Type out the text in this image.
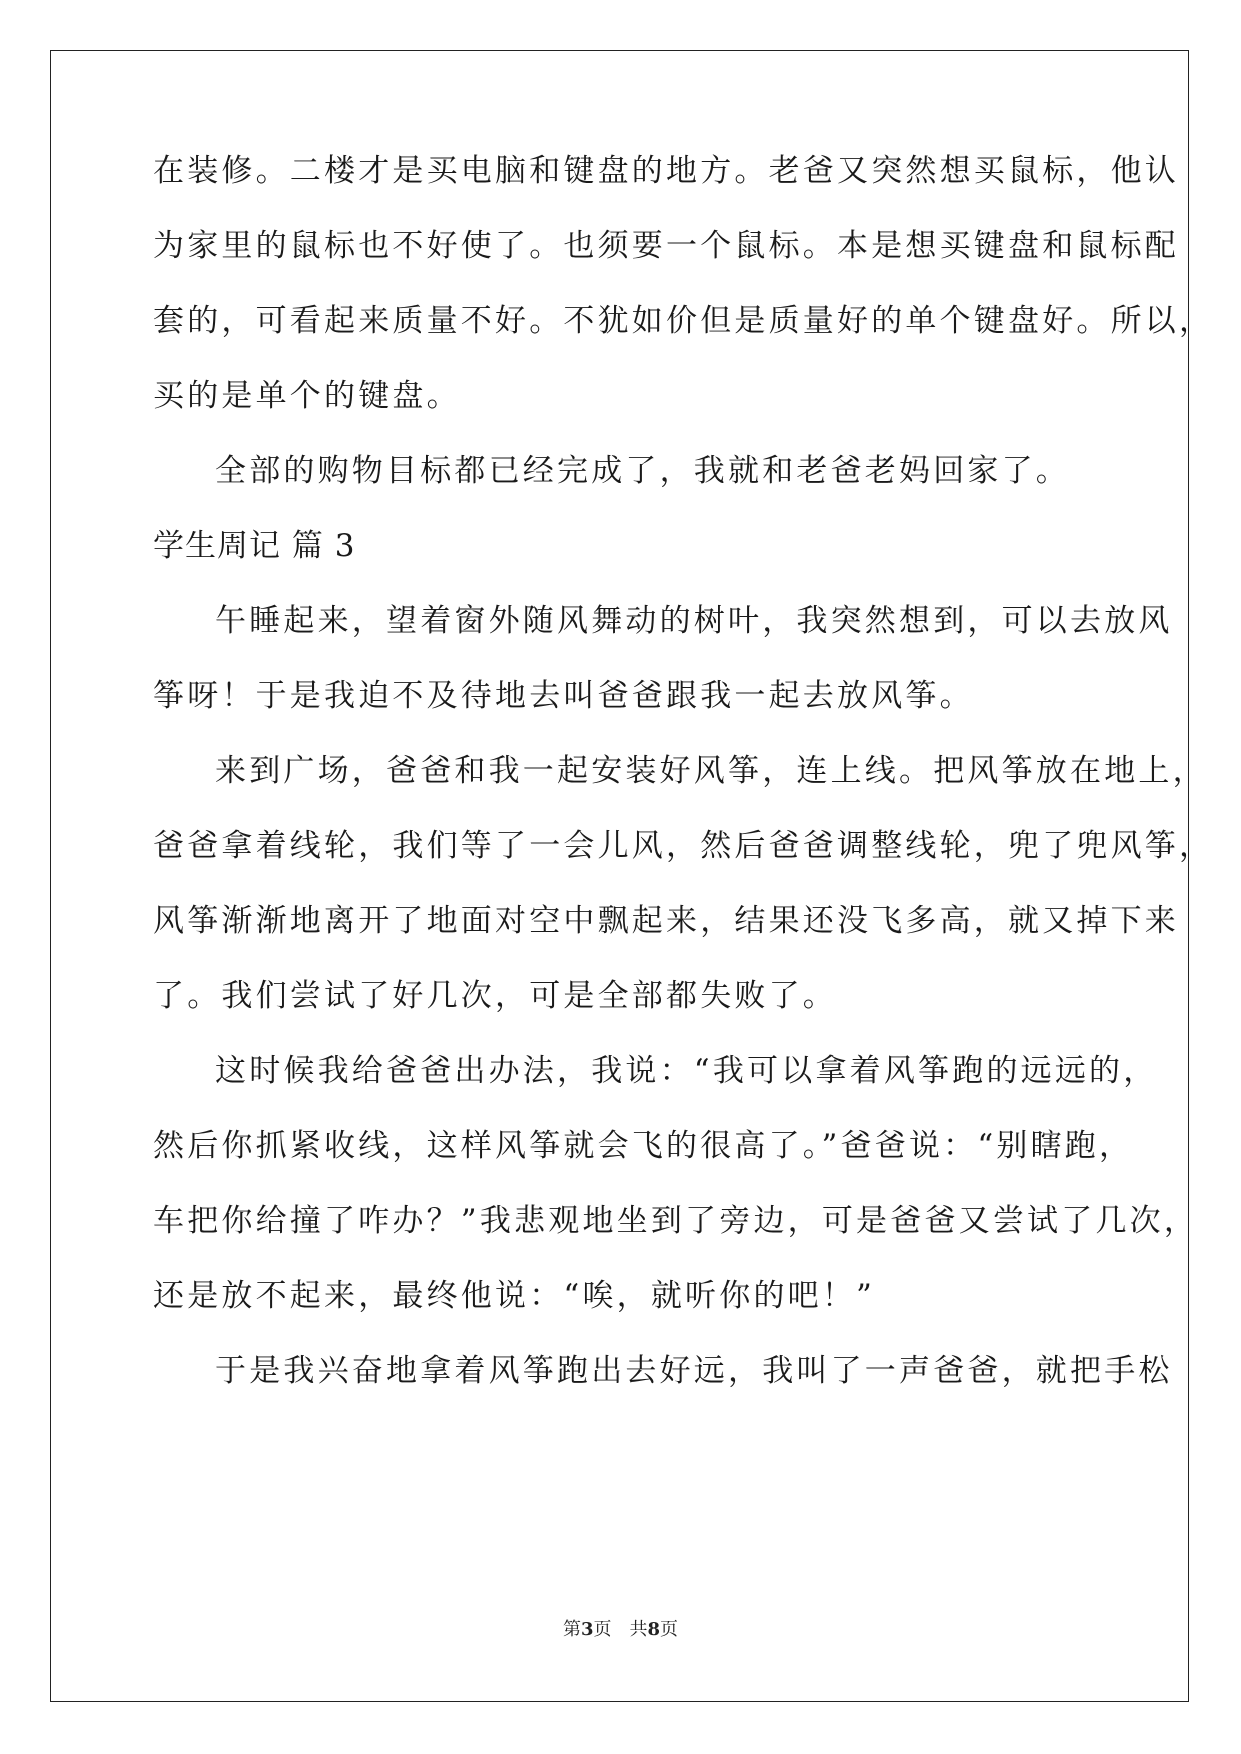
在装修。二楼才是买电脑和键盘的地方。老爸又突然想买鼠标，他认
为家里的鼠标也不好使了。也须要一个鼠标。本是想买键盘和鼠标配
套的，可看起来质量不好。不犹如价但是质量好的单个键盘好。所以，
买的是单个的键盘。
全部的购物目标都已经完成了，我就和老爸老妈回家了。
学生周记 篇 3
午睡起来，望着窗外随风舞动的树叶，我突然想到，可以去放风
筝呀！于是我迫不及待地去叫爸爸跟我一起去放风筝。
来到广场，爸爸和我一起安装好风筝，连上线。把风筝放在地上，
爸爸拿着线轮，我们等了一会儿风，然后爸爸调整线轮，兜了兜风筝，
风筝渐渐地离开了地面对空中飘起来，结果还没飞多高，就又掉下来
了。我们尝试了好几次，可是全部都失败了。
这时候我给爸爸出办法，我说：“我可以拿着风筝跑的远远的，
然后你抓紧收线，这样风筝就会飞的很高了。”爸爸说：“别瞎跑，
车把你给撞了咋办？”我悲观地坐到了旁边，可是爸爸又尝试了几次，
还是放不起来，最终他说：“唉，就听你的吧！”
于是我兴奋地拿着风筝跑出去好远，我叫了一声爸爸，就把手松
第3页　共8页
